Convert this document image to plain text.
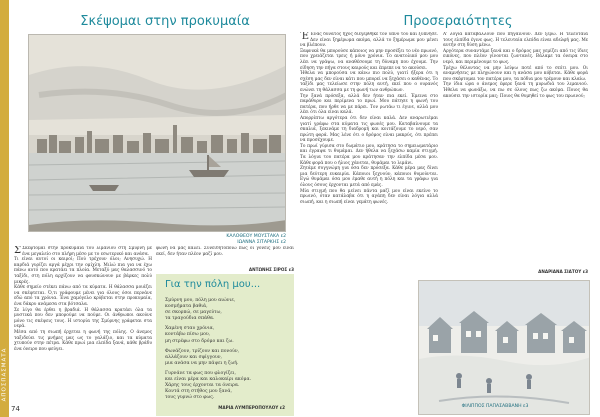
ΑΠΟΣΠΑΣΜΑΤΑ
74
Σκέψομαι στην προκυμαία	Προσεραιότητες
ΚΑΛΟΘΕΟΥ ΜΟΥΣΤΑΚΑ ε2
ΙΩΑΝΝΑ ΣΙΤΑΡΚΗΣ ε2

Σ Σκέφτομαι στην προκυμαία του λιμανιού στη Σμύρνη με ένα μεγαλείο στο πλήρη μέσο με το εσωτερικό και ανάσα.

Τι είναι αυτοί οι καιροί; Πού τρέχουν όλοι; Ανησυχώ. Η καρδιά γυρίζει αργά μέχρι την ομίχλη. Μιλώ πια για να έχω πάνω αυτό που κρατάει τα πλοία. Μεταξύ μας θαλασσινό το ταξίδι, στη πόλη αρχίζουν να φουσκώνουν με βάρκες πολύ μικρές.

Κάθε σημείο στέκει πάνω από τα κύματα. Η θάλασσα μοιάζει να σκέφτεται. Ό,τι γράφουμε μένει για όλους όσοι περνάνε εδώ από τα χρόνια. Ένα χαμόγελο κρύβεται στην προκυμαία, ένα δάκρυ ανάμεσα στα βότσαλα.

Σε λίγο θα έρθει η βραδιά. Η θάλασσα κρατάει όλα τα μυστικά που δεν μπορούμε να πούμε. Οι άνθρωποι ακούνε μόνο τις σκέψεις τους. Η ιστορία της Σμύρνης γράφεται στα νερά.

Μέσα από τη σιωπή έρχεται η φωνή της πόλης. Ο άνεμος ταξιδεύει τις μνήμες μας ως το γαλάζιο, και τα κύματα χτυπούν στην πέτρα. Κάθε πρωί μια ελπίδα ξανά, κάθε βράδυ ένα όνειρο που φεύγει.

φωνή να μας καλεί. Συνειδητοποιώ πως οι γονείς μου είναι εκεί, δεν ήταν πλέον μαζί μου.
ΑΝΤΩΝΗΣ ΣΙΡΟΣ ε3
Για την πόλη μου...
Σμύρνη μου, πόλη μου αιώνιε,
κοσμήματα βαθιά,
σε σκορπώ, σε μαγεύτω,
τα τραγούδια σπάθα.
Χαμένη σταυ χρόνια,
κοντάβω πίσω μου,
μη στρέφω στο δρόμο και ζω.
Φωνάζουν, τρίζουν και πονούν,
αλλάζουν και σφίγγουν,
μια ανάσα να μην πάψει η ζωή.
Γυρνάνε τα φως που φλογίζει,
και είναι μέρα και καλοκαίρι ακόμα.
Χάρης τους έρχονται τα όνειρα.
Κοντά στη στήθος μου ξανά,
τους γυρνώ στο φως.
ΜΑΡΙΑ ΛΥΜΠΕΡΟΠΟΥΛΟΥ ε2

Έ Ένας δυνατός ήχος διεγέρθηκε τον ύπνο του και ξύπνησε. Δεν είναι ξημέρωμα ακόμα, αλλά το ξημέρωμα μου μένει να βλέπουν.

Ξαφνικά θα μπορούσε κάποιος να μην προσέξει το νέο πρωινό, που χρειάζεται τρεις ή μόνο χρόνια. Το ανατολικό μου μου λέει να γράψω, να αναθέσουμε τη δύναμη που έχουμε. Την είδηση την πήγα στους καιρούς και έπρεπε να το ακούσει.

Ήθελα να μπορούσα να κάνω πιο πολύ, γιατί ήξερα ότι η σχέση μας δεν είναι κάτι που μπορεί να ξεχάσει ο καθένας. Το ταξίδι μας τελείωσε στην πόλη αυτή, εκεί που ο ουρανός ενώνει τη θάλασσα με τη φωνή των ανθρώπων.

Την ξανά πρόσεξα, αλλά δεν ήταν πια εκεί. Έμεινα στο παράθυρο και περίμενα το πρωί. Μου πάτησε η φωνή του πατέρα, που ήρθε να με πάρει. Τον ρωτάω τι έγινε, αλλά μου λέει ότι όλα είναι καλά.

Απορρίπτω αργότερα ότι δεν είναι καλά. Δεν αναρωτιέμαι γιατί γράφω στα κύματα τις φωνές μου. Καταβαίνουμε τα σκαλιά, ξεκινάμε τη διαδρομή και κοιτάζουμε το νερό, σαν πρώτη φορά. Μας λένε ότι ο δρόμος είναι μακρύς, ότι πρέπει να προσέχουμε.

Το πρωί γύρισα στο δωμάτιο μου, κράτησα το σημειωματάριο και έγραψα τι θυμάμαι. Δεν ήθελα να ξεχάσω καμία στιγμή. Τα λόγια του πατέρα μου κράτησαν την ελπίδα μέσα μου. Κάθε φορά που ο ήλιος χάνεται, θυμάμαι το λιμάνι.

Ζητάμε συγγνώμη για όσα δεν πρόσεξα. Κάθε μέρα μας δίνει μια δεύτερη ευκαιρία. Κάποιοι ξεχνούν, κάποιοι θυμούνται. Εγώ θυμάμαι όσα μου έμαθε αυτή η πόλη και τα γράφω για όλους όσους έρχονται μετά από εμάς.

Μία στιγμή που θα μείνει πάντα μαζί μου είναι εκείνο το πρωινό, όταν κατάλαβα ότι η αγάπη δεν είναι λόγια αλλά σιωπή, και η σιωπή είναι γεμάτη φωνές.

Α' λόγια καταβάλλουν που πηγαίνουν. Δεν ξέρω. Η τελευταία τους ελπίδα έγινε φως. Η τελευταία ελπίδα είναι αδελφή μας. Με αυτήν στη δύση μένω.

Αργότερα συναντάμε ξανά και ο δρόμος μας γεμίζει από τις ίδιες εικόνες, που πλέον γίνονται ζωντανές. Βάλαμε τα όνειρα στο νερό, και περιμένουμε το φως.

Τρέχω θέλοντας να μην λείψω ποτέ από το σπίτι μου. Οι αναμνήσεις με πληγώνουν και η ανάσα μου κόβεται. Κάθε φορά που σκέφτομαι τον πατέρα μου, τα πόδια μου τρέμουν και κλαίω.

Την ίδια ώρα ο άνεμος έφερε ξανά τη μυρωδιά του λιμανιού. Ήθελα να φωνάξω, να πω σε όλους πως ζω ακόμα. Ποιος θα ακούσει την ιστορία μας; Ποιος θα θυμηθεί το φως του πρωινού;

ΑΝΔΡΙΑΝΑ ΣΙΑΤΟΥ ε3
ΦΙΛΙΠΠΟΣ ΠΑΠΑΣΑΒΒΑΝΗ ε3
